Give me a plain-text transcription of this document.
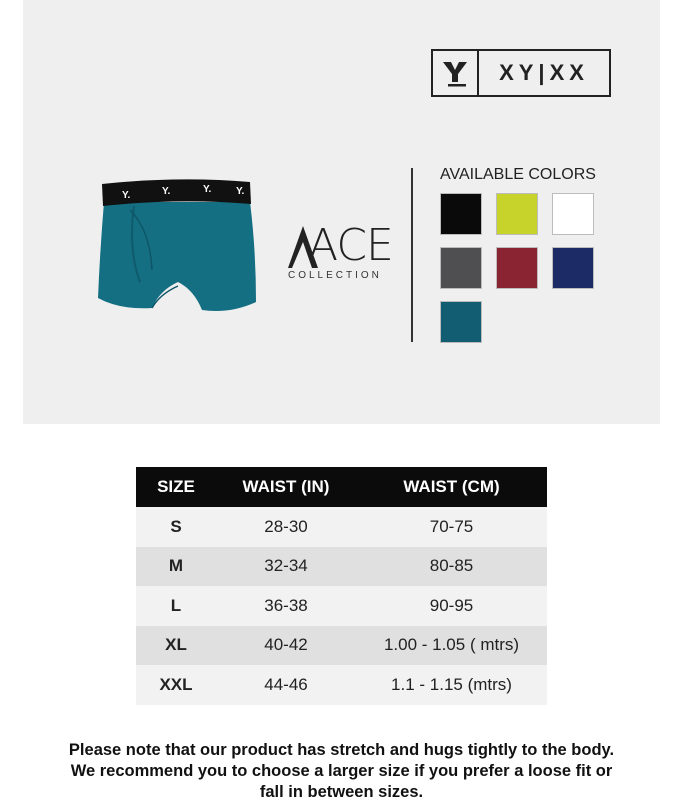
XY|XX
Y.	Y.	Y. Y.
ACE
COLLECTION
AVAILABLE COLORS
SIZE	WAIST (IN)	WAIST (CM)
S	28-30	70-75
M	32-34	80-85
L	36-38	90-95
XL	40-42	1.00 - 1.05 ( mtrs)
XXL	44-46	1.1 - 1.15 (mtrs)
Please note that our product has stretch and hugs tightly to the body.
We recommend you to choose a larger size if you prefer a loose fit or
fall in between sizes.
